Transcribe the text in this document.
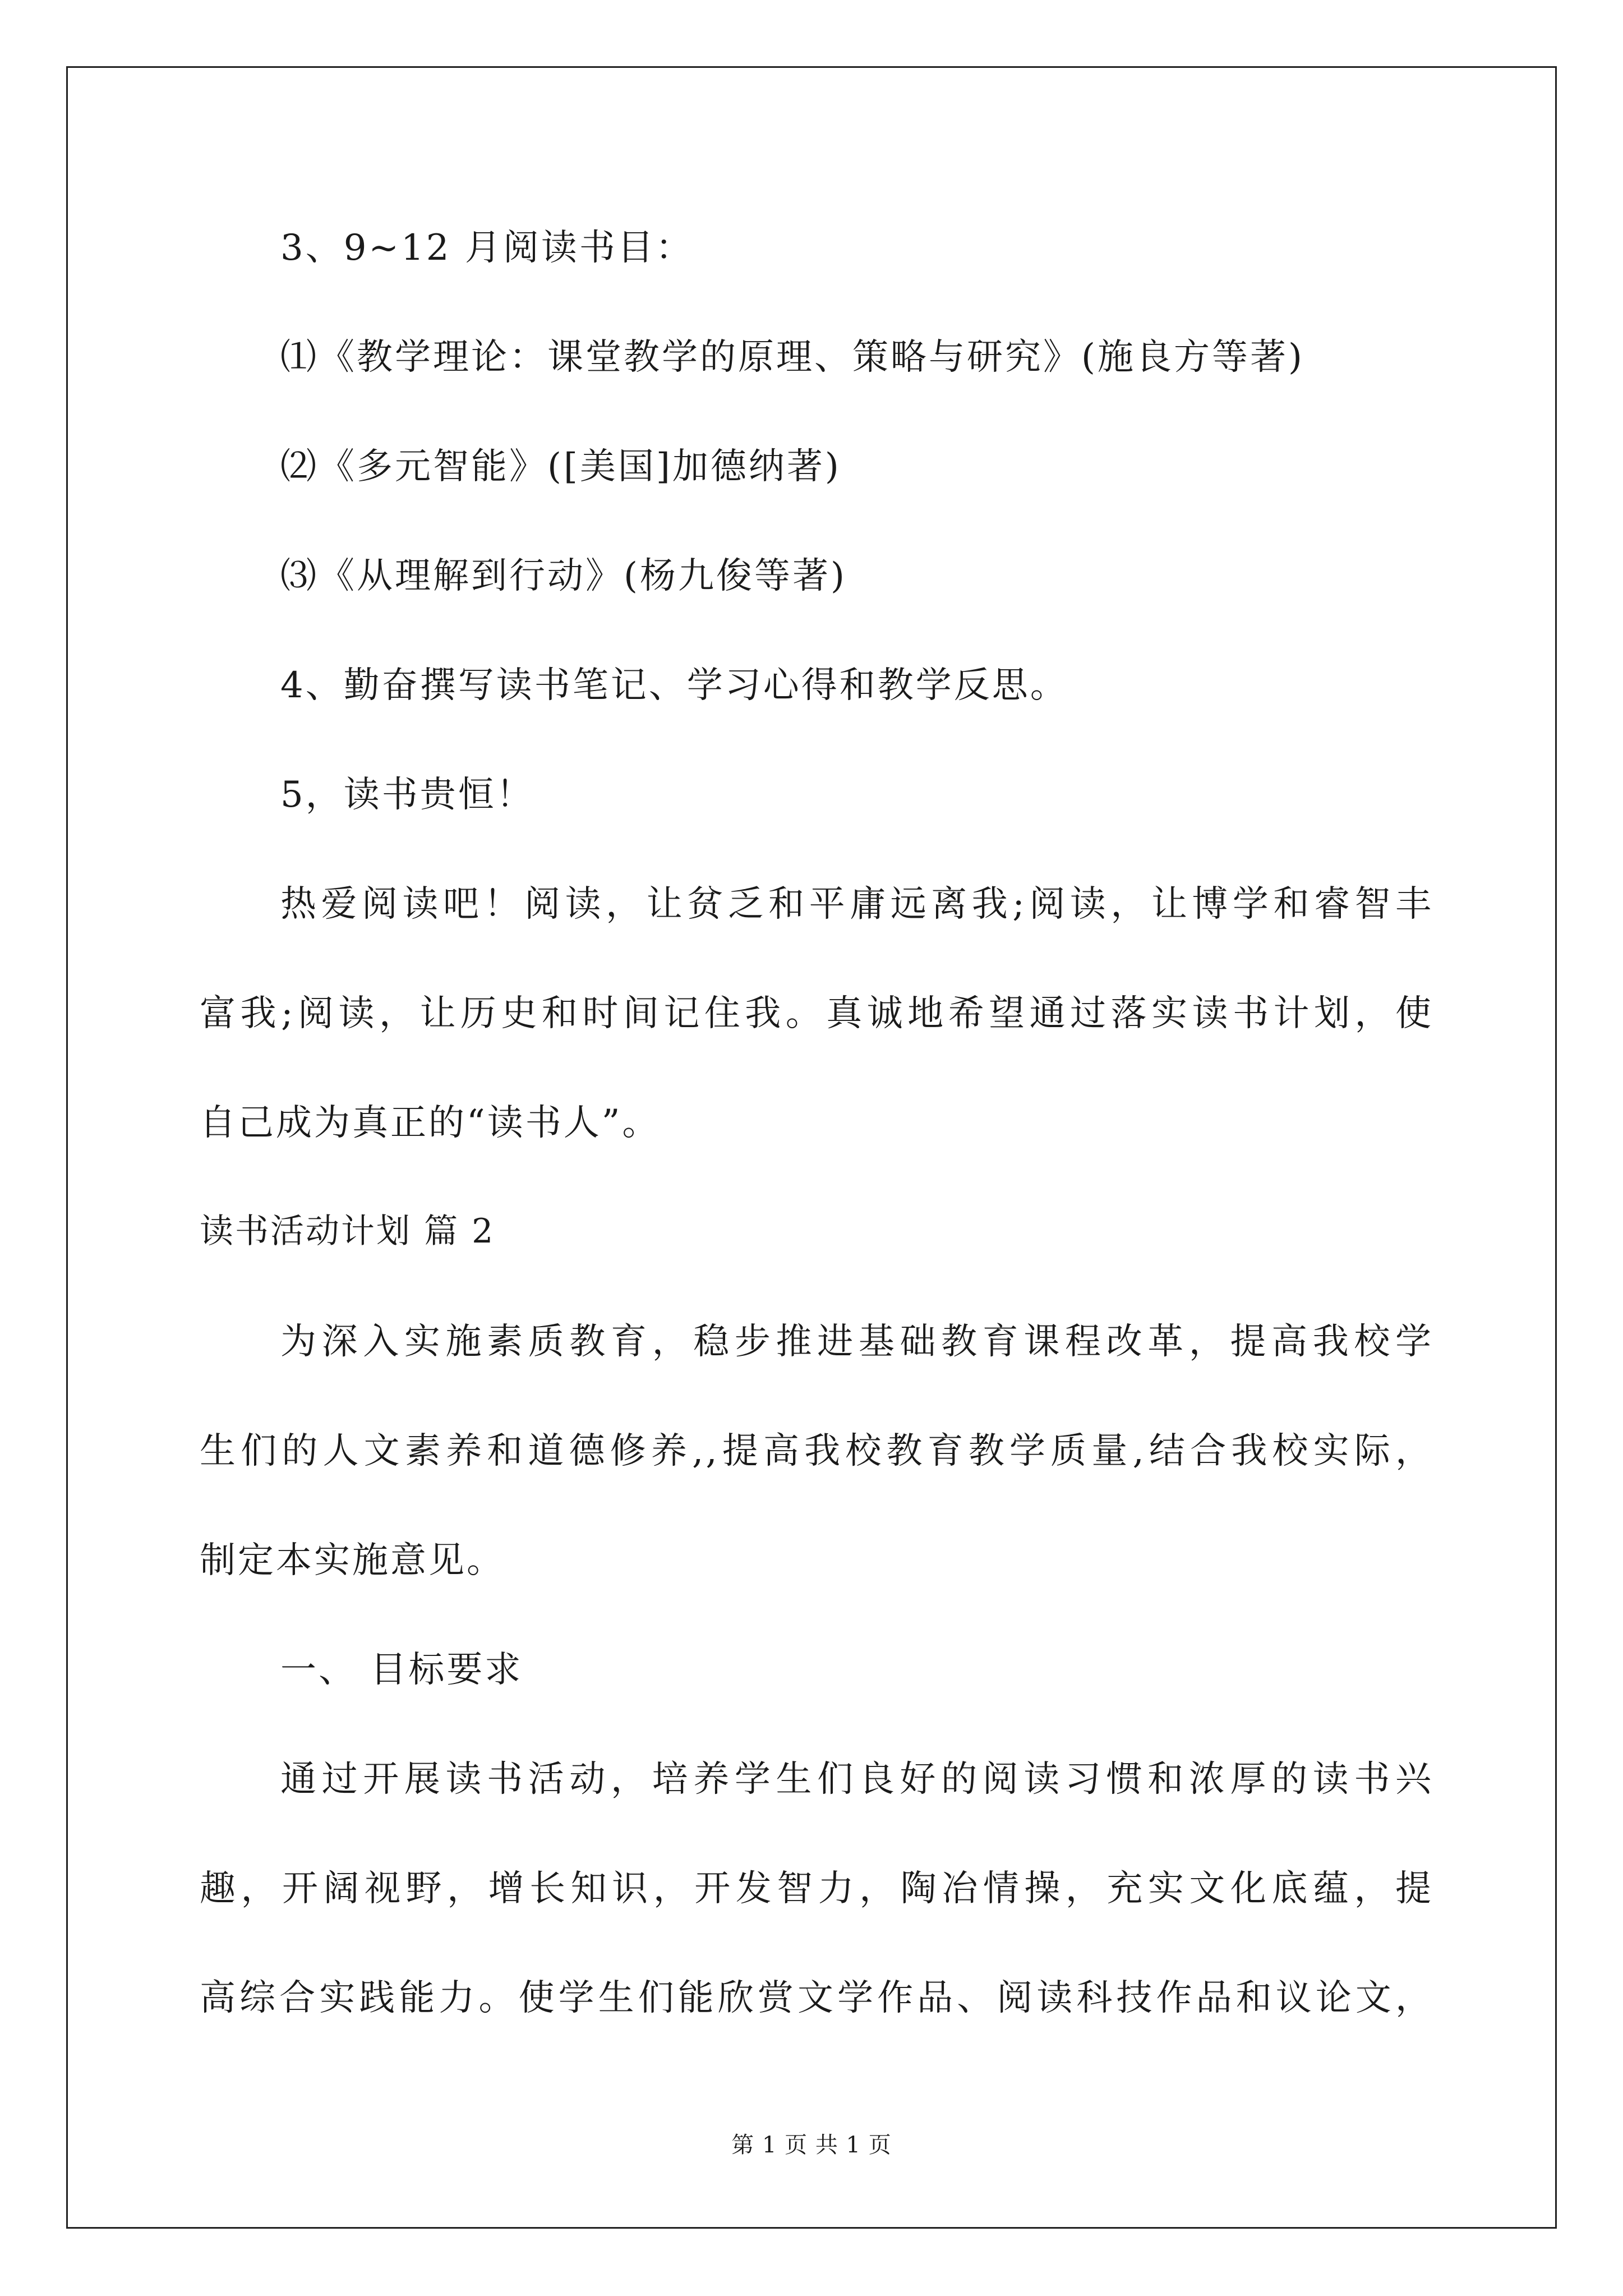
3、9~12 月阅读书目：
⑴《教学理论：课堂教学的原理、策略与研究》(施良方等著)
⑵《多元智能》([美国]加德纳著)
⑶《从理解到行动》(杨九俊等著)
4、勤奋撰写读书笔记、学习心得和教学反思。
5，读书贵恒！
热爱阅读吧！阅读，让贫乏和平庸远离我;阅读，让博学和睿智丰
富我;阅读，让历史和时间记住我。真诚地希望通过落实读书计划，使
自己成为真正的“读书人”。
读书活动计划 篇 2
为深入实施素质教育，稳步推进基础教育课程改革，提高我校学
生们的人文素养和道德修养,,提高我校教育教学质量,结合我校实际，
制定本实施意见。
一、 目标要求
通过开展读书活动，培养学生们良好的阅读习惯和浓厚的读书兴
趣，开阔视野，增长知识，开发智力，陶冶情操，充实文化底蕴，提
高综合实践能力。使学生们能欣赏文学作品、阅读科技作品和议论文，
第 1 页 共 1 页
